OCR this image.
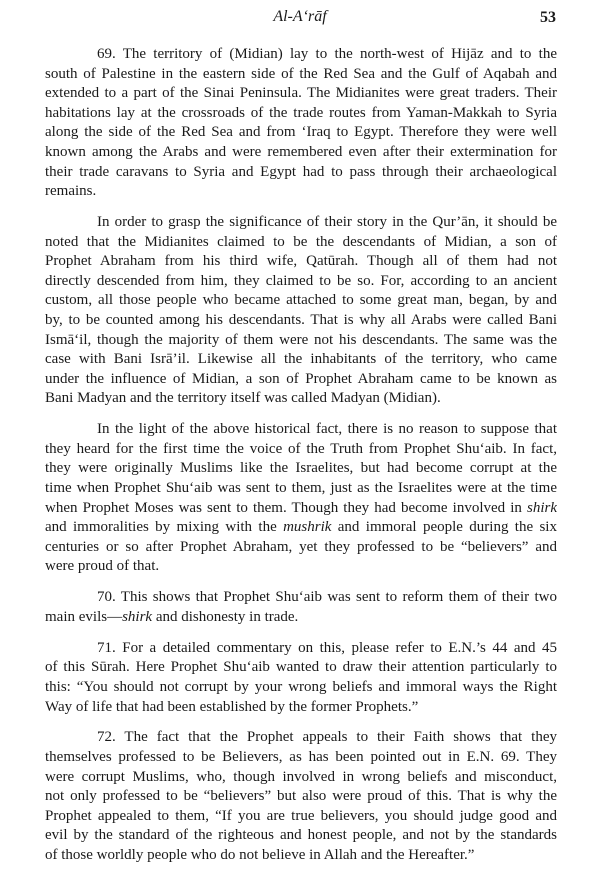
Al-A‘rāf	53
69. The territory of (Midian) lay to the north-west of Hijāz and to the
south of Palestine in the eastern side of the Red Sea and the Gulf of Aqabah and
extended to a part of the Sinai Peninsula. The Midianites were great traders. Their
habitations lay at the crossroads of the trade routes from Yaman-Makkah to Syria
along the side of the Red Sea and from ‘Iraq to Egypt. Therefore they were well
known among the Arabs and were remembered even after their extermination for
their trade caravans to Syria and Egypt had to pass through their archaeological
remains.
In order to grasp the significance of their story in the Qur’ān, it should be
noted that the Midianites claimed to be the descendants of Midian, a son of
Prophet Abraham from his third wife, Qatūrah. Though all of them had not
directly descended from him, they claimed to be so. For, according to an ancient
custom, all those people who became attached to some great man, began, by and
by, to be counted among his descendants. That is why all Arabs were called Bani
Ismā‘il, though the majority of them were not his descendants. The same was the
case with Bani Isrā’il. Likewise all the inhabitants of the territory, who came
under the influence of Midian, a son of Prophet Abraham came to be known as
Bani Madyan and the territory itself was called Madyan (Midian).
In the light of the above historical fact, there is no reason to suppose that
they heard for the first time the voice of the Truth from Prophet Shu‘aib. In fact,
they were originally Muslims like the Israelites, but had become corrupt at the
time when Prophet Shu‘aib was sent to them, just as the Israelites were at the time
when Prophet Moses was sent to them. Though they had become involved in shirk
and immoralities by mixing with the mushrik and immoral people during the six
centuries or so after Prophet Abraham, yet they professed to be “believers” and
were proud of that.
70. This shows that Prophet Shu‘aib was sent to reform them of their two
main evils—shirk and dishonesty in trade.
71. For a detailed commentary on this, please refer to E.N.’s 44 and 45
of this Sūrah. Here Prophet Shu‘aib wanted to draw their attention particularly to
this: “You should not corrupt by your wrong beliefs and immoral ways the Right
Way of life that had been established by the former Prophets.”
72. The fact that the Prophet appeals to their Faith shows that they
themselves professed to be Believers, as has been pointed out in E.N. 69. They
were corrupt Muslims, who, though involved in wrong beliefs and misconduct,
not only professed to be “believers” but also were proud of this. That is why the
Prophet appealed to them, “If you are true believers, you should judge good and
evil by the standard of the righteous and honest people, and not by the standards
of those worldly people who do not believe in Allah and the Hereafter.”
